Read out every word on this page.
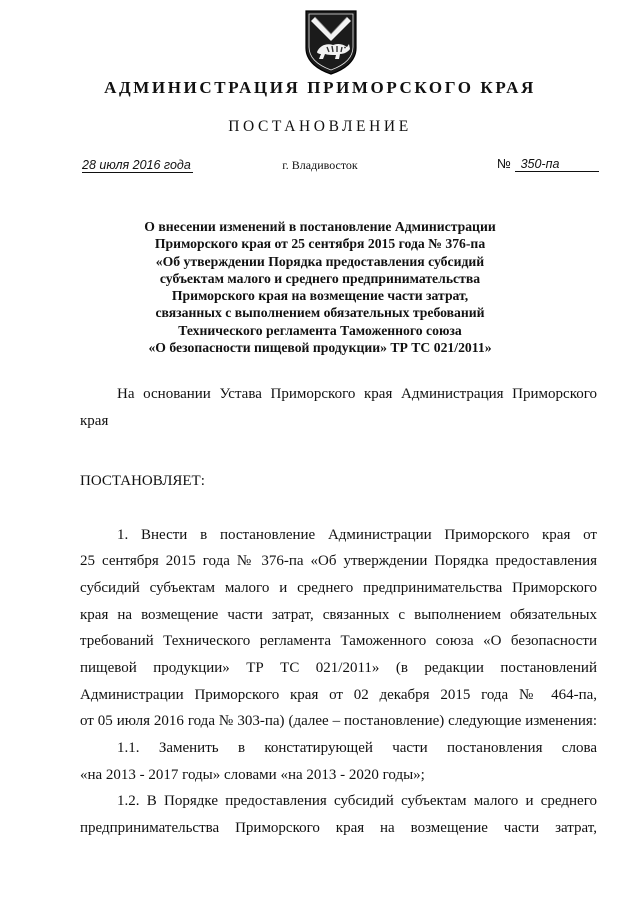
АДМИНИСТРАЦИЯ ПРИМОРСКОГО КРАЯ
ПОСТАНОВЛЕНИЕ
28 июля 2016 года	г. Владивосток	№ 350-па
О внесении изменений в постановление Администрации
Приморского края от 25 сентября 2015 года № 376-па
«Об утверждении Порядка предоставления субсидий
субъектам малого и среднего предпринимательства
Приморского края на возмещение части затрат,
связанных с выполнением обязательных требований
Технического регламента Таможенного союза
«О безопасности пищевой продукции» ТР ТС 021/2011»
На основании Устава Приморского края Администрация Приморского
края
ПОСТАНОВЛЯЕТ:
1. Внести в постановление Администрации Приморского края от
25 сентября 2015 года № 376-па «Об утверждении Порядка предоставления
субсидий субъектам малого и среднего предпринимательства Приморского
края на возмещение части затрат, связанных с выполнением обязательных
требований Технического регламента Таможенного союза «О безопасности
пищевой продукции» ТР ТС 021/2011» (в редакции постановлений
Администрации Приморского края от 02 декабря 2015 года № 464-па,
от 05 июля 2016 года № 303-па) (далее – постановление) следующие изменения:
1.1. Заменить в констатирующей части постановления слова
«на 2013 - 2017 годы» словами «на 2013 - 2020 годы»;
1.2. В Порядке предоставления субсидий субъектам малого и среднего
предпринимательства Приморского края на возмещение части затрат,
